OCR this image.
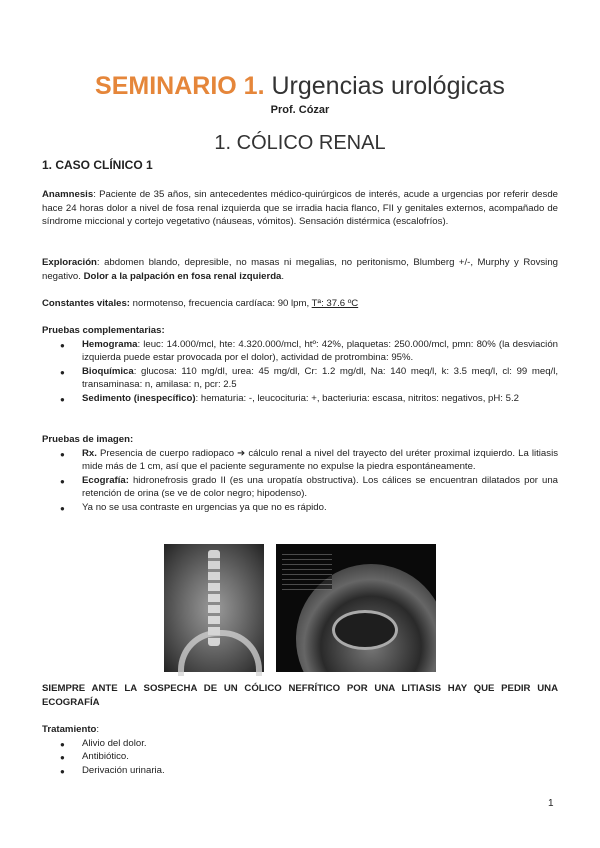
SEMINARIO 1. Urgencias urológicas
Prof. Cózar
1. CÓLICO RENAL
1. CASO CLÍNICO 1
Anamnesis: Paciente de 35 años, sin antecedentes médico-quirúrgicos de interés, acude a urgencias por referir desde hace 24 horas dolor a nivel de fosa renal izquierda que se irradia hacia flanco, FII y genitales externos, acompañado de síndrome miccional y cortejo vegetativo (náuseas, vómitos). Sensación distérmica (escalofríos).
Exploración: abdomen blando, depresible, no masas ni megalias, no peritonismo, Blumberg +/-, Murphy y Rovsing negativo. Dolor a la palpación en fosa renal izquierda.
Constantes vitales: normotenso, frecuencia cardíaca: 90 lpm, Tª: 37.6 ºC
Pruebas complementarias:
● Hemograma: leuc: 14.000/mcl, hte: 4.320.000/mcl, htº: 42%, plaquetas: 250.000/mcl, pmn: 80% (la desviación izquierda puede estar provocada por el dolor), actividad de protrombina: 95%.
● Bioquímica: glucosa: 110 mg/dl, urea: 45 mg/dl, Cr: 1.2 mg/dl, Na: 140 meq/l, k: 3.5 meq/l, cl: 99 meq/l, transaminasa: n, amilasa: n, pcr: 2.5
● Sedimento (inespecífico): hematuria: -, leucocituria: +, bacteriuria: escasa, nitritos: negativos, pH: 5.2
Pruebas de imagen:
● Rx. Presencia de cuerpo radiopaco ➔ cálculo renal a nivel del trayecto del uréter proximal izquierdo. La litiasis mide más de 1 cm, así que el paciente seguramente no expulse la piedra espontáneamente.
● Ecografía: hidronefrosis grado II (es una uropatía obstructiva). Los cálices se encuentran dilatados por una retención de orina (se ve de color negro; hipodenso).
● Ya no se usa contraste en urgencias ya que no es rápido.
SIEMPRE ANTE LA SOSPECHA DE UN CÓLICO NEFRÍTICO POR UNA LITIASIS HAY QUE PEDIR UNA ECOGRAFÍA
Tratamiento:
● Alivio del dolor.
● Antibiótico.
● Derivación urinaria.
1
